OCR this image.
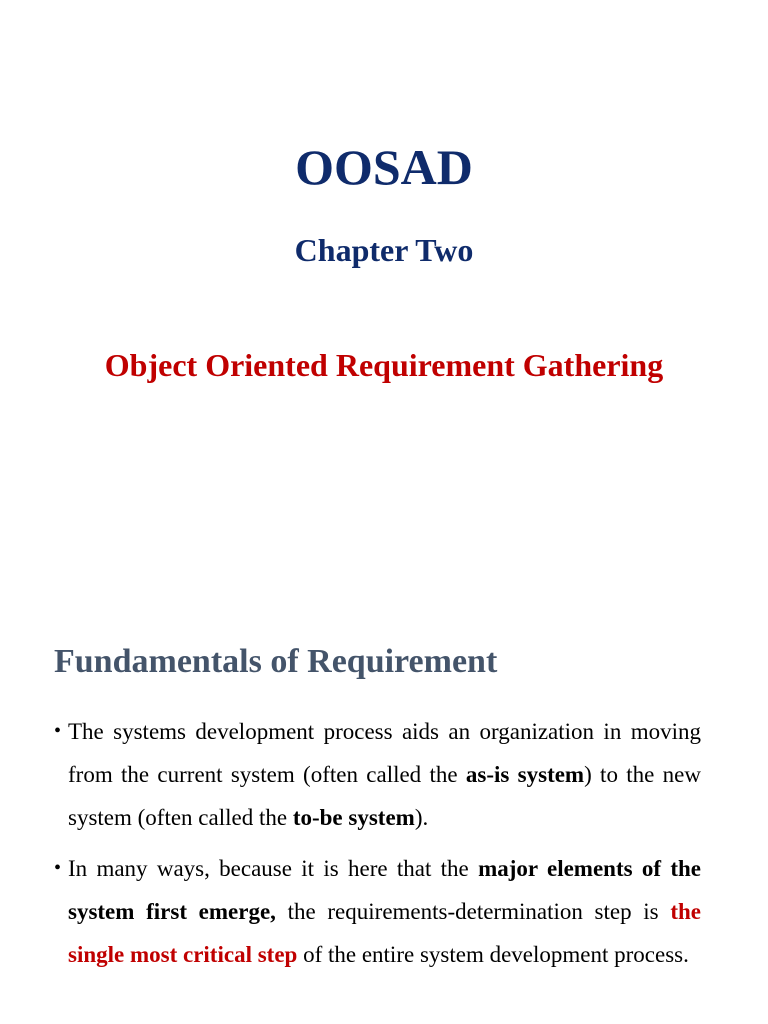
OOSAD
Chapter Two
Object Oriented Requirement Gathering
Fundamentals of Requirement
• The systems development process aids an organization in moving from the current system (often called the as-is system) to the new system (often called the to-be system).
• In many ways, because it is here that the major elements of the system first emerge, the requirements-determination step is the single most critical step of the entire system development process.
